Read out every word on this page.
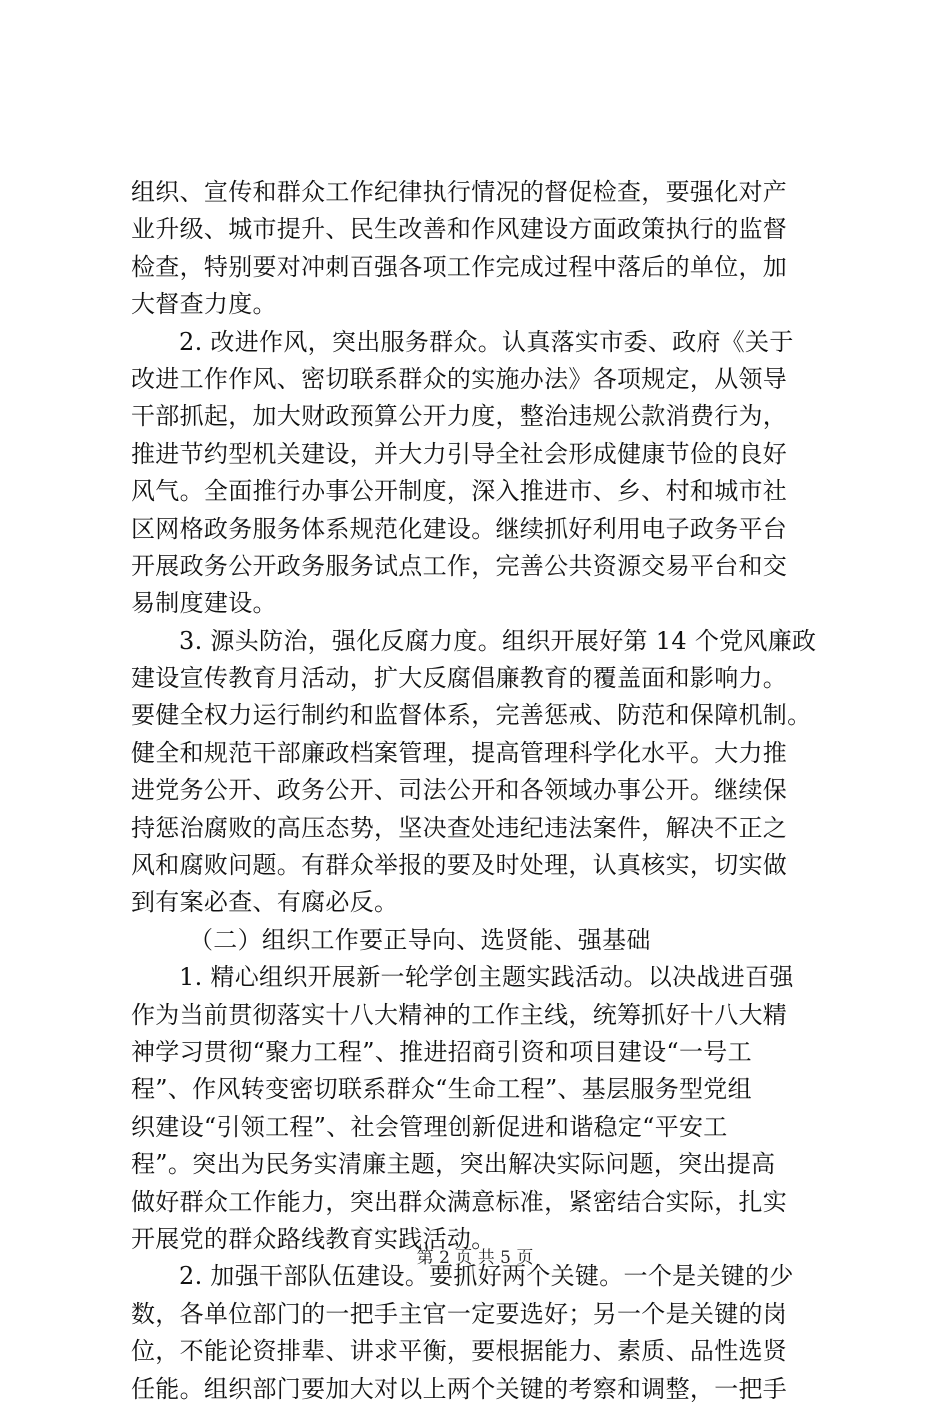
组织、宣传和群众工作纪律执行情况的督促检查，要强化对产
业升级、城市提升、民生改善和作风建设方面政策执行的监督
检查，特别要对冲刺百强各项工作完成过程中落后的单位，加
大督查力度。
2. 改进作风，突出服务群众。认真落实市委、政府《关于
改进工作作风、密切联系群众的实施办法》各项规定，从领导
干部抓起，加大财政预算公开力度，整治违规公款消费行为，
推进节约型机关建设，并大力引导全社会形成健康节俭的良好
风气。全面推行办事公开制度，深入推进市、乡、村和城市社
区网格政务服务体系规范化建设。继续抓好利用电子政务平台
开展政务公开政务服务试点工作，完善公共资源交易平台和交
易制度建设。
3. 源头防治，强化反腐力度。组织开展好第 14 个党风廉政
建设宣传教育月活动，扩大反腐倡廉教育的覆盖面和影响力。
要健全权力运行制约和监督体系，完善惩戒、防范和保障机制。
健全和规范干部廉政档案管理，提高管理科学化水平。大力推
进党务公开、政务公开、司法公开和各领域办事公开。继续保
持惩治腐败的高压态势，坚决查处违纪违法案件，解决不正之
风和腐败问题。有群众举报的要及时处理，认真核实，切实做
到有案必查、有腐必反。
（二）组织工作要正导向、选贤能、强基础
1. 精心组织开展新一轮学创主题实践活动。以决战进百强
作为当前贯彻落实十八大精神的工作主线，统筹抓好十八大精
神学习贯彻“聚力工程”、推进招商引资和项目建设“一号工
程”、作风转变密切联系群众“生命工程”、基层服务型党组
织建设“引领工程”、社会管理创新促进和谐稳定“平安工
程”。突出为民务实清廉主题，突出解决实际问题，突出提高
做好群众工作能力，突出群众满意标准，紧密结合实际，扎实
开展党的群众路线教育实践活动。
2. 加强干部队伍建设。要抓好两个关键。一个是关键的少
数，各单位部门的一把手主官一定要选好；另一个是关键的岗
位，不能论资排辈、讲求平衡，要根据能力、素质、品性选贤
任能。组织部门要加大对以上两个关键的考察和调整，一把手
第 2 页 共 5 页
